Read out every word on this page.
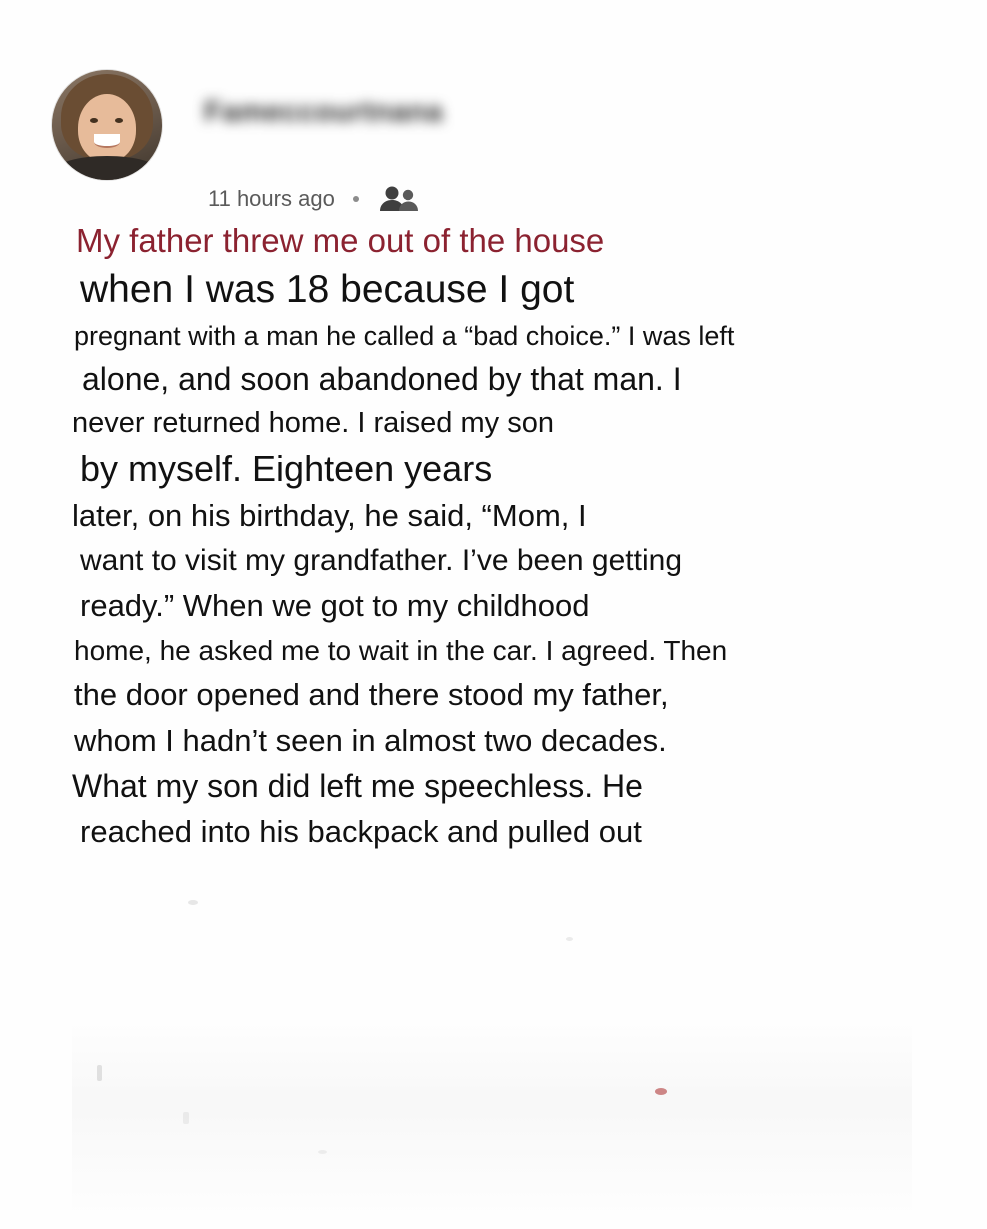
Fameccourtnana
11 hours ago
My father threw me out of the house
when I was 18 because I got
pregnant with a man he called a “bad choice.” I was left
alone, and soon abandoned by that man. I
never returned home. I raised my son
by myself. Eighteen years
later, on his birthday, he said, “Mom, I
want to visit my grandfather. I’ve been getting
ready.” When we got to my childhood
home, he asked me to wait in the car. I agreed. Then
the door opened and there stood my father,
whom I hadn’t seen in almost two decades.
What my son did left me speechless. He
reached into his backpack and pulled out
